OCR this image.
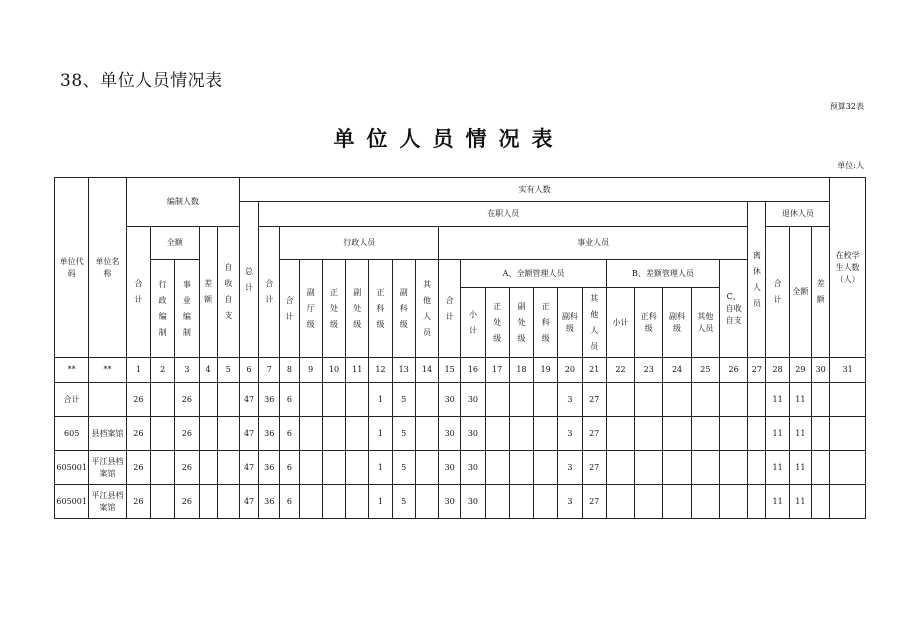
38、单位人员情况表
预算32表
单位人员情况表
单位:人
单位代码	单位名称	编制人数					实有人数																									在校学生人数（人）
							总计	在职人员																				离休人员	退休人员			
		合计	全额		差额	自收自支		合计	行政人员							事业人员													合计	全额	差额	
			行政编制	事业编制					合计	副厅级	正处级	副处级	正科级	副科级	其他人员	合计	A、全额管理人员						B、差额管理人员				C、自收自支					
																	小计	正处级	副处级	正科级	副科级	其他人员	小计	正科级	副科级	其他人员						
**	**	1	2	3	4	5	6	7	8	9	10	11	12	13	14	15	16	17	18	19	20	21	22	23	24	25	26	27	28	29	30	31
合计		26		26			47	36	6				1	5		30	30				3	27							11	11		
605	县档案馆	26		26			47	36	6				1	5		30	30				3	27							11	11		
605001	平江县档案馆	26		26			47	36	6				1	5		30	30				3	27							11	11		
605001	平江县档案馆	26		26			47	36	6				1	5		30	30				3	27							11	11		
